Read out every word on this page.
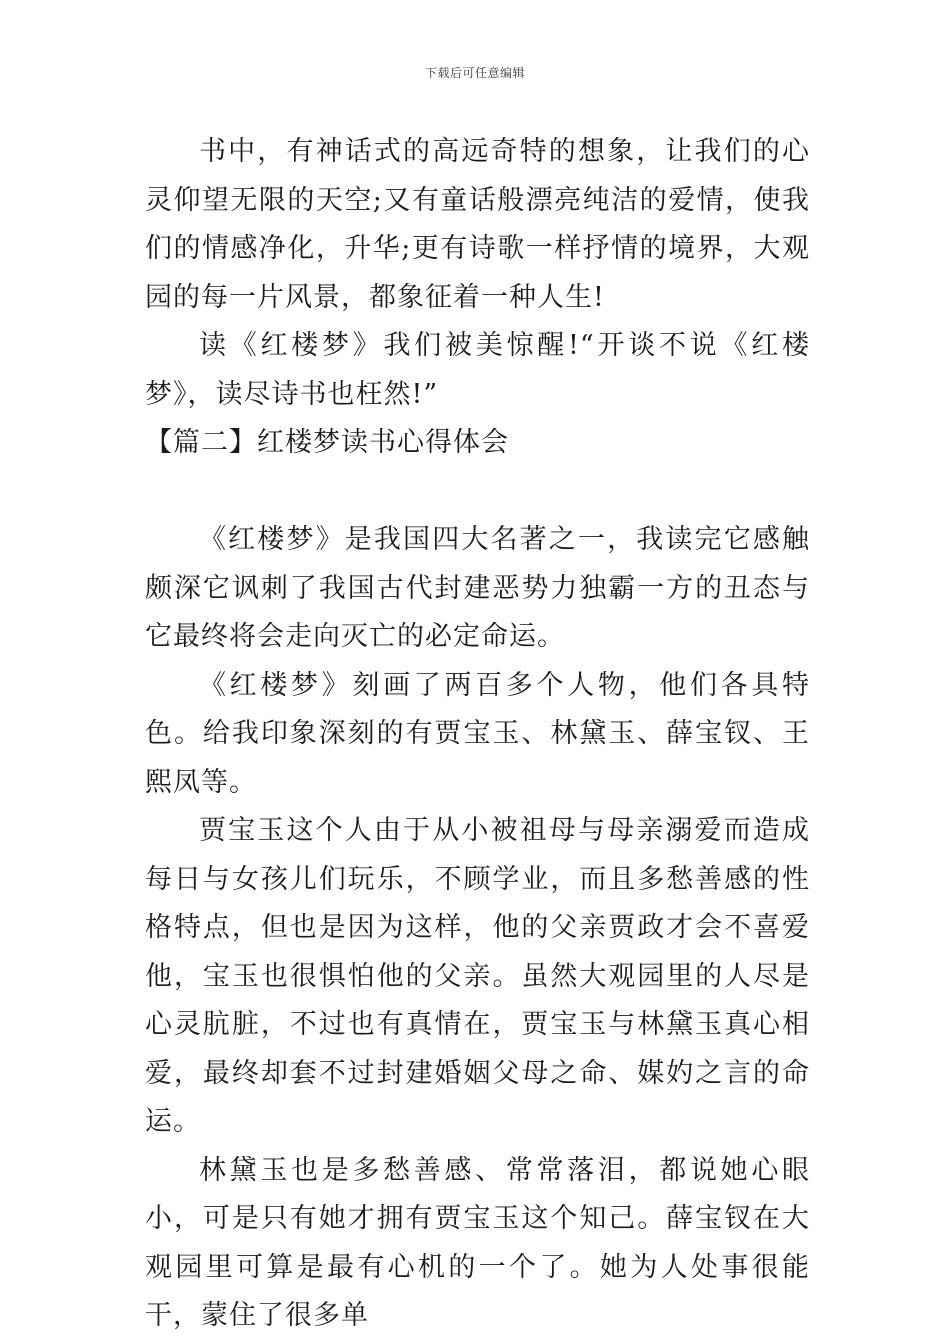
下载后可任意编辑

书中，有神话式的高远奇特的想象，让我们的心灵仰望无限的天空;又有童话般漂亮纯洁的爱情，使我们的情感净化，升华;更有诗歌一样抒情的境界，大观园的每一片风景，都象征着一种人生!

读《红楼梦》我们被美惊醒!“开谈不说《红楼梦》，读尽诗书也枉然!”

【篇二】红楼梦读书心得体会

《红楼梦》是我国四大名著之一，我读完它感触颇深它讽刺了我国古代封建恶势力独霸一方的丑态与它最终将会走向灭亡的必定命运。

《红楼梦》刻画了两百多个人物，他们各具特色。给我印象深刻的有贾宝玉、林黛玉、薛宝钗、王熙凤等。

贾宝玉这个人由于从小被祖母与母亲溺爱而造成每日与女孩儿们玩乐，不顾学业，而且多愁善感的性格特点，但也是因为这样，他的父亲贾政才会不喜爱他，宝玉也很惧怕他的父亲。虽然大观园里的人尽是心灵肮脏，不过也有真情在，贾宝玉与林黛玉真心相爱，最终却套不过封建婚姻父母之命、媒妁之言的命运。

林黛玉也是多愁善感、常常落泪，都说她心眼小，可是只有她才拥有贾宝玉这个知己。薛宝钗在大观园里可算是最有心机的一个了。她为人处事很能干，蒙住了很多单
